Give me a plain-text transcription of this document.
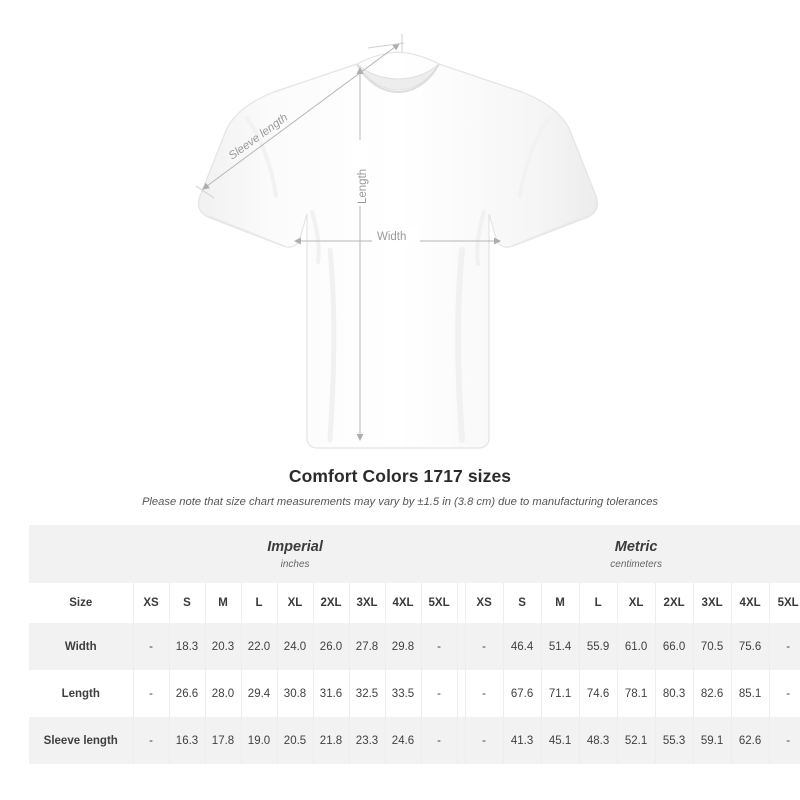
Sleeve length
Length
Width
Comfort Colors 1717 sizes
Please note that size chart measurements may vary by ±1.5 in (3.8 cm) due to manufacturing tolerances

Imperial
inches

Metric
centimeters

Size	XS	S	M	L	XL	2XL	3XL	4XL	5XL		XS	S	M	L	XL	2XL	3XL	4XL	5XL
Width	-	18.3	20.3	22.0	24.0	26.0	27.8	29.8	-		-	46.4	51.4	55.9	61.0	66.0	70.5	75.6	-
Length	-	26.6	28.0	29.4	30.8	31.6	32.5	33.5	-		-	67.6	71.1	74.6	78.1	80.3	82.6	85.1	-
Sleeve length	-	16.3	17.8	19.0	20.5	21.8	23.3	24.6	-		-	41.3	45.1	48.3	52.1	55.3	59.1	62.6	-
